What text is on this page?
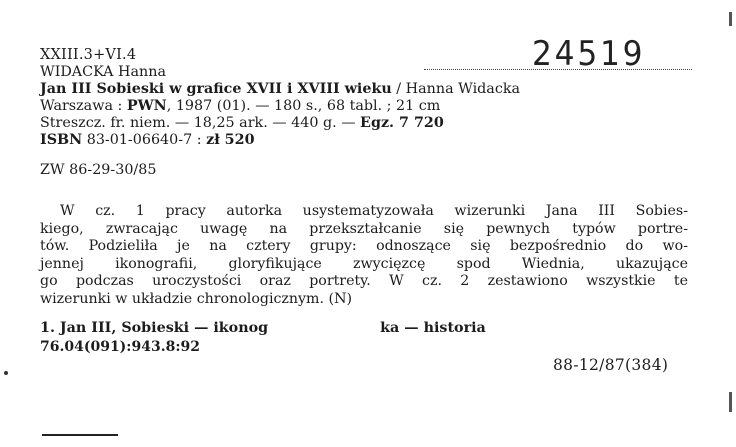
XXIII.3+VI.4	24519
WIDACKA Hanna
Jan III Sobieski w grafice XVII i XVIII wieku / Hanna Widacka
Warszawa : PWN, 1987 (01). — 180 s., 68 tabl. ; 21 cm
Streszcz. fr. niem. — 18,25 ark. — 440 g. — Egz. 7 720
ISBN 83-01-06640-7 : zł 520
ZW 86-29-30/85
W cz. 1 pracy autorka usystematyzowała wizerunki Jana III Sobies-
kiego, zwracając uwagę na przekształcanie się pewnych typów portre-
tów. Podzieliła je na cztery grupy: odnoszące się bezpośrednio do wo-
jennej ikonografii, gloryfikujące zwycięzcę spod Wiednia, ukazujące
go podczas uroczystości oraz portrety. W cz. 2 zestawiono wszystkie te
wizerunki w układzie chronologicznym. (N)
1. Jan III, Sobieski — ikonog	ka — historia
76.04(091):943.8:92
88-12/87(384)
